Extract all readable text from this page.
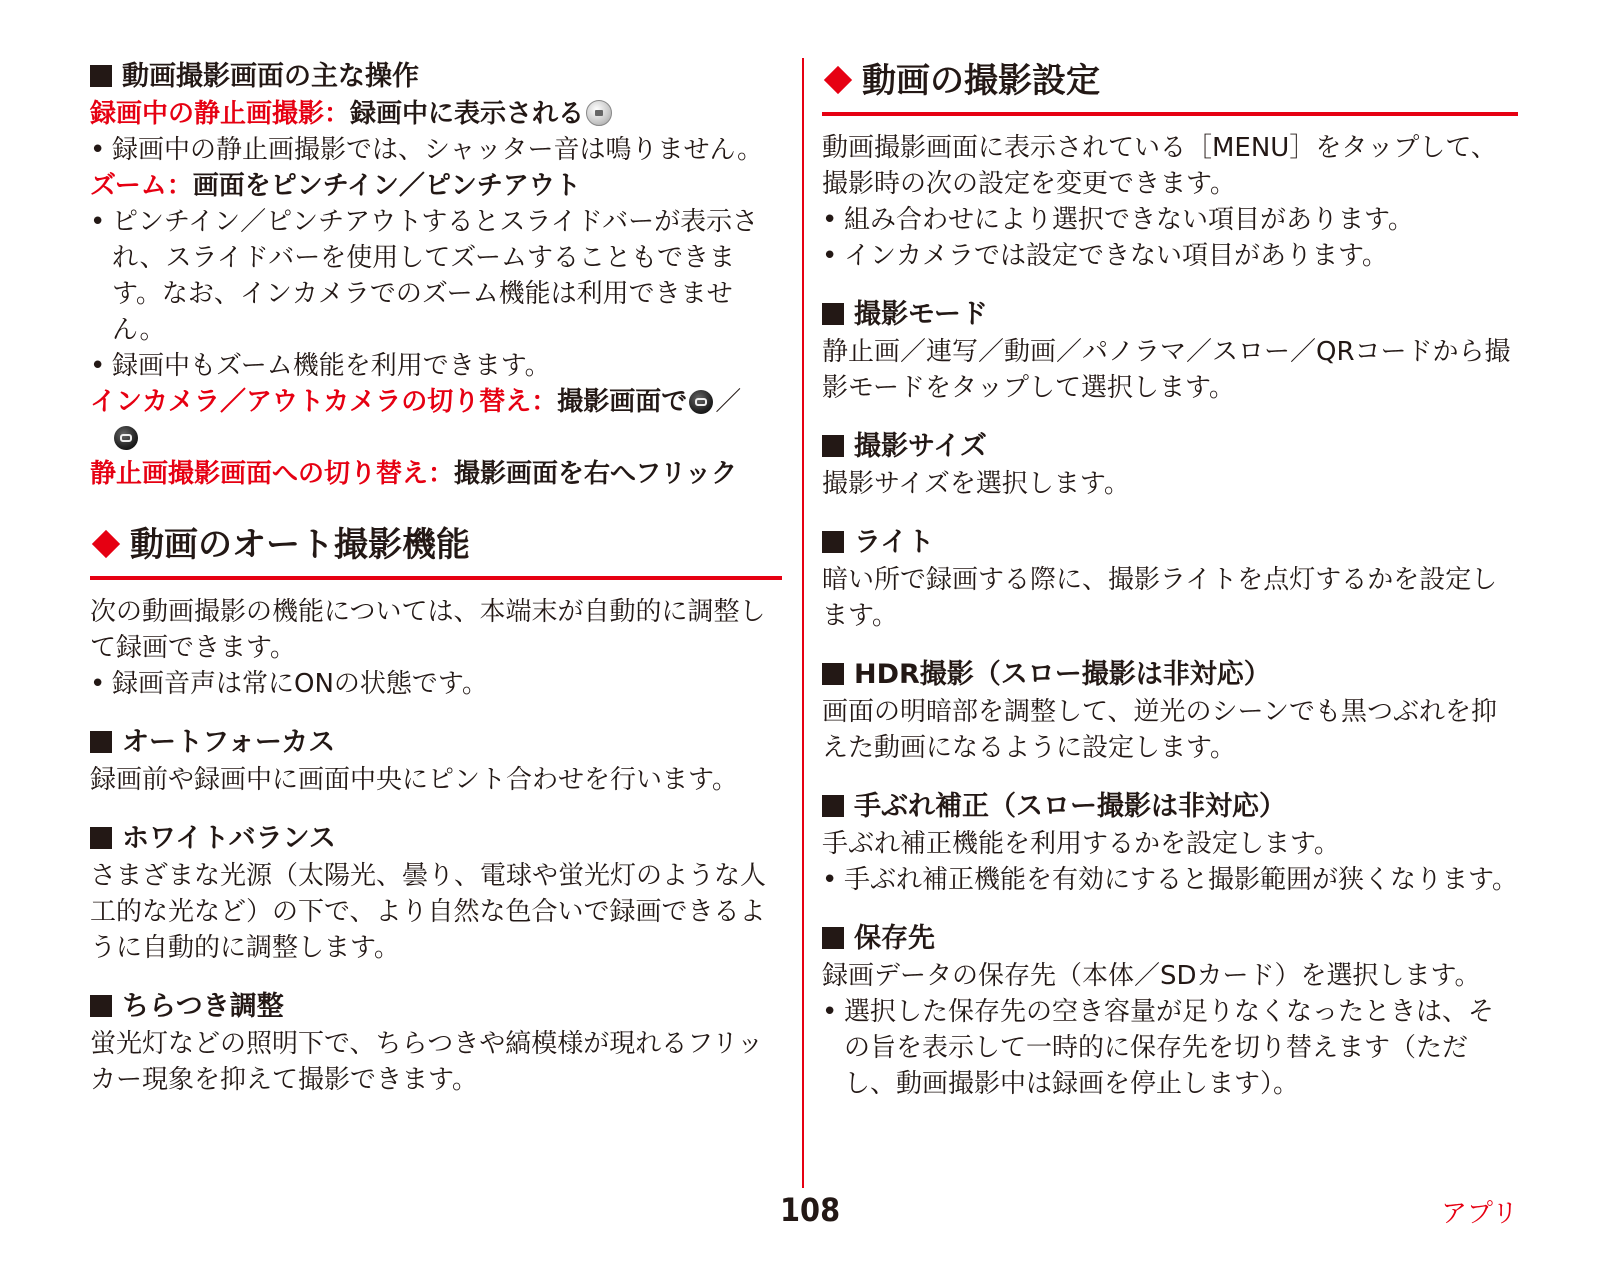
動画撮影画面の主な操作

録画中の静止画撮影：録画中に表示される

• 録画中の静止画撮影では、シャッター音は鳴りません。

ズーム：画面をピンチイン／ピンチアウト

• ピンチイン／ピンチアウトするとスライドバーが表示され、スライドバーを使用してズームすることもできます。なお、インカメラでのズーム機能は利用できません。

• 録画中もズーム機能を利用できます。

インカメラ／アウトカメラの切り替え：撮影画面で ／

静止画撮影画面への切り替え：撮影画面を右へフリック

動画のオート撮影機能

次の動画撮影の機能については、本端末が自動的に調整して録画できます。

• 録画音声は常にONの状態です。

オートフォーカス

録画前や録画中に画面中央にピント合わせを行います。

ホワイトバランス

さまざまな光源（太陽光、曇り、電球や蛍光灯のような人工的な光など）の下で、より自然な色合いで録画できるように自動的に調整します。

ちらつき調整

蛍光灯などの照明下で、ちらつきや縞模様が現れるフリッカー現象を抑えて撮影できます。

動画の撮影設定

動画撮影画面に表示されている［MENU］をタップして、撮影時の次の設定を変更できます。

• 組み合わせにより選択できない項目があります。

• インカメラでは設定できない項目があります。

撮影モード

静止画／連写／動画／パノラマ／スロー／QRコードから撮影モードをタップして選択します。

撮影サイズ

撮影サイズを選択します。

ライト

暗い所で録画する際に、撮影ライトを点灯するかを設定します。

HDR撮影（スロー撮影は非対応）

画面の明暗部を調整して、逆光のシーンでも黒つぶれを抑えた動画になるように設定します。

手ぶれ補正（スロー撮影は非対応）

手ぶれ補正機能を利用するかを設定します。

• 手ぶれ補正機能を有効にすると撮影範囲が狭くなります。

保存先

録画データの保存先（本体／SDカード）を選択します。

• 選択した保存先の空き容量が足りなくなったときは、その旨を表示して一時的に保存先を切り替えます（ただし、動画撮影中は録画を停止します）。

108	アプリ
